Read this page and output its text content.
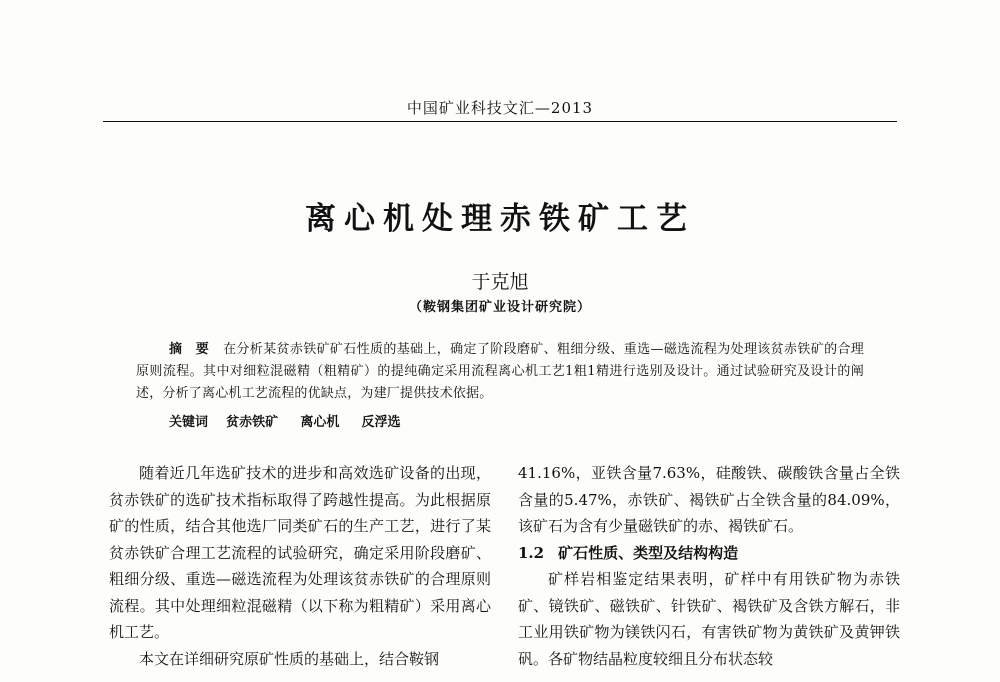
中国矿业科技文汇—2013
离心机处理赤铁矿工艺
于克旭
（鞍钢集团矿业设计研究院）
摘　要 在分析某贫赤铁矿矿石性质的基础上，确定了阶段磨矿、粗细分级、重选—磁选流程为处理该贫赤铁矿的合理原则流程。其中对细粒混磁精（粗精矿）的提纯确定采用流程离心机工艺1粗1精进行选别及设计。通过试验研究及设计的阐述，分析了离心机工艺流程的优缺点，为建厂提供技术依据。
关键词 贫赤铁矿 离心机 反浮选

随着近几年选矿技术的进步和高效选矿设备的出现，贫赤铁矿的选矿技术指标取得了跨越性提高。为此根据原矿的性质，结合其他选厂同类矿石的生产工艺，进行了某贫赤铁矿合理工艺流程的试验研究，确定采用阶段磨矿、粗细分级、重选—磁选流程为处理该贫赤铁矿的合理原则流程。其中处理细粒混磁精（以下称为粗精矿）采用离心机工艺。

本文在详细研究原矿性质的基础上，结合鞍钢

41.16%，亚铁含量7.63%，硅酸铁、碳酸铁含量占全铁含量的5.47%，赤铁矿、褐铁矿占全铁含量的84.09%，该矿石为含有少量磁铁矿的赤、褐铁矿石。

1.2 矿石性质、类型及结构构造

矿样岩相鉴定结果表明，矿样中有用铁矿物为赤铁矿、镜铁矿、磁铁矿、针铁矿、褐铁矿及含铁方解石，非工业用铁矿物为镁铁闪石，有害铁矿物为黄铁矿及黄钾铁矾。各矿物结晶粒度较细且分布状态较
